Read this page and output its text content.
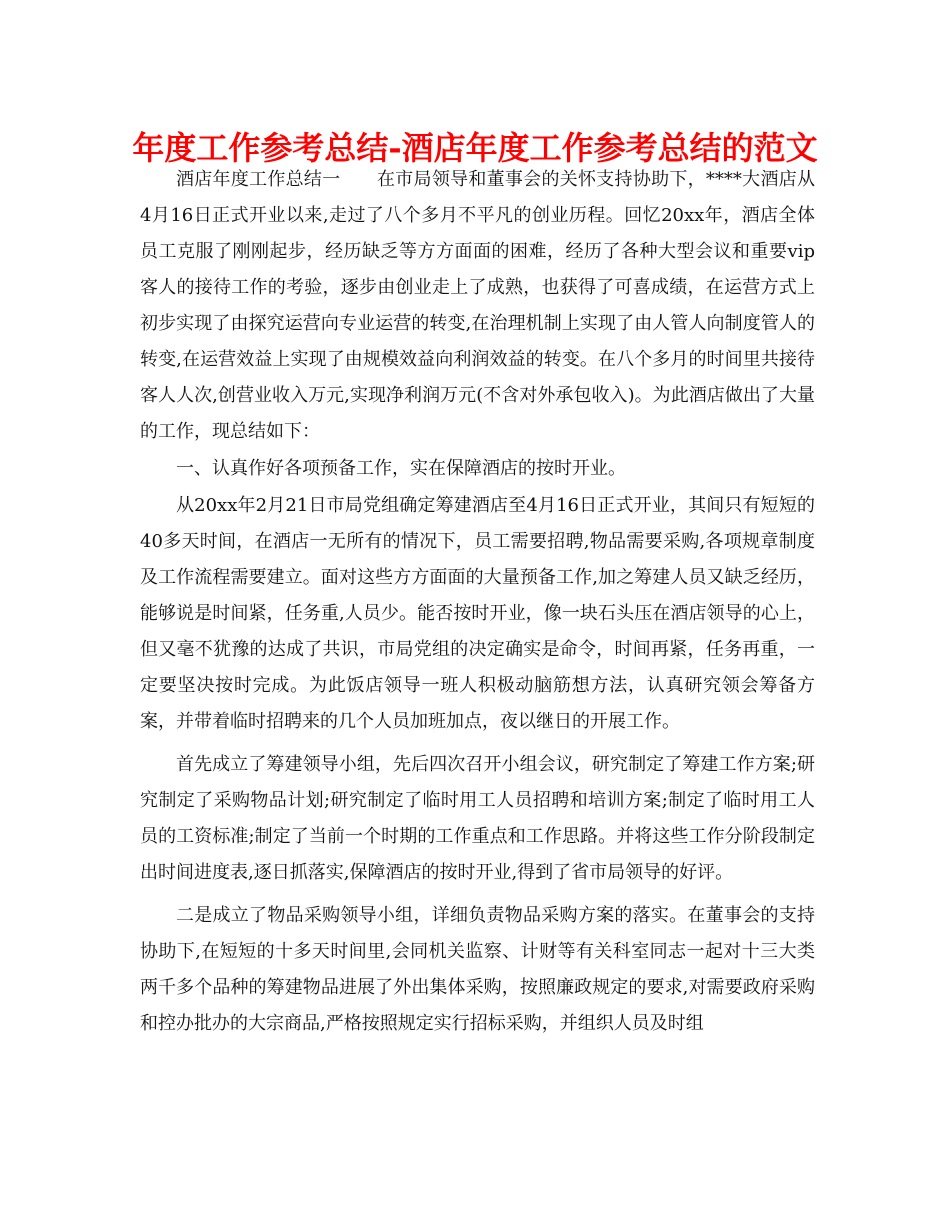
年度工作参考总结-酒店年度工作参考总结的范文

酒店年度工作总结一　　在市局领导和董事会的关怀支持协助下，****大酒店从4月16日正式开业以来,走过了八个多月不平凡的创业历程。回忆20xx年，酒店全体员工克服了刚刚起步，经历缺乏等方方面面的困难，经历了各种大型会议和重要vip客人的接待工作的考验，逐步由创业走上了成熟，也获得了可喜成绩，在运营方式上初步实现了由探究运营向专业运营的转变,在治理机制上实现了由人管人向制度管人的转变,在运营效益上实现了由规模效益向利润效益的转变。在八个多月的时间里共接待客人人次,创营业收入万元,实现净利润万元(不含对外承包收入)。为此酒店做出了大量的工作，现总结如下：

一、认真作好各项预备工作，实在保障酒店的按时开业。

从20xx年2月21日市局党组确定筹建酒店至4月16日正式开业，其间只有短短的40多天时间，在酒店一无所有的情况下，员工需要招聘,物品需要采购,各项规章制度及工作流程需要建立。面对这些方方面面的大量预备工作,加之筹建人员又缺乏经历，能够说是时间紧，任务重,人员少。能否按时开业，像一块石头压在酒店领导的心上，但又毫不犹豫的达成了共识，市局党组的决定确实是命令，时间再紧，任务再重，一定要坚决按时完成。为此饭店领导一班人积极动脑筋想方法，认真研究领会筹备方案，并带着临时招聘来的几个人员加班加点，夜以继日的开展工作。

首先成立了筹建领导小组，先后四次召开小组会议，研究制定了筹建工作方案;研究制定了采购物品计划;研究制定了临时用工人员招聘和培训方案;制定了临时用工人员的工资标准;制定了当前一个时期的工作重点和工作思路。并将这些工作分阶段制定出时间进度表,逐日抓落实,保障酒店的按时开业,得到了省市局领导的好评。

二是成立了物品采购领导小组，详细负责物品采购方案的落实。在董事会的支持协助下,在短短的十多天时间里,会同机关监察、计财等有关科室同志一起对十三大类两千多个品种的筹建物品进展了外出集体采购，按照廉政规定的要求,对需要政府采购和控办批办的大宗商品,严格按照规定实行招标采购，并组织人员及时组
